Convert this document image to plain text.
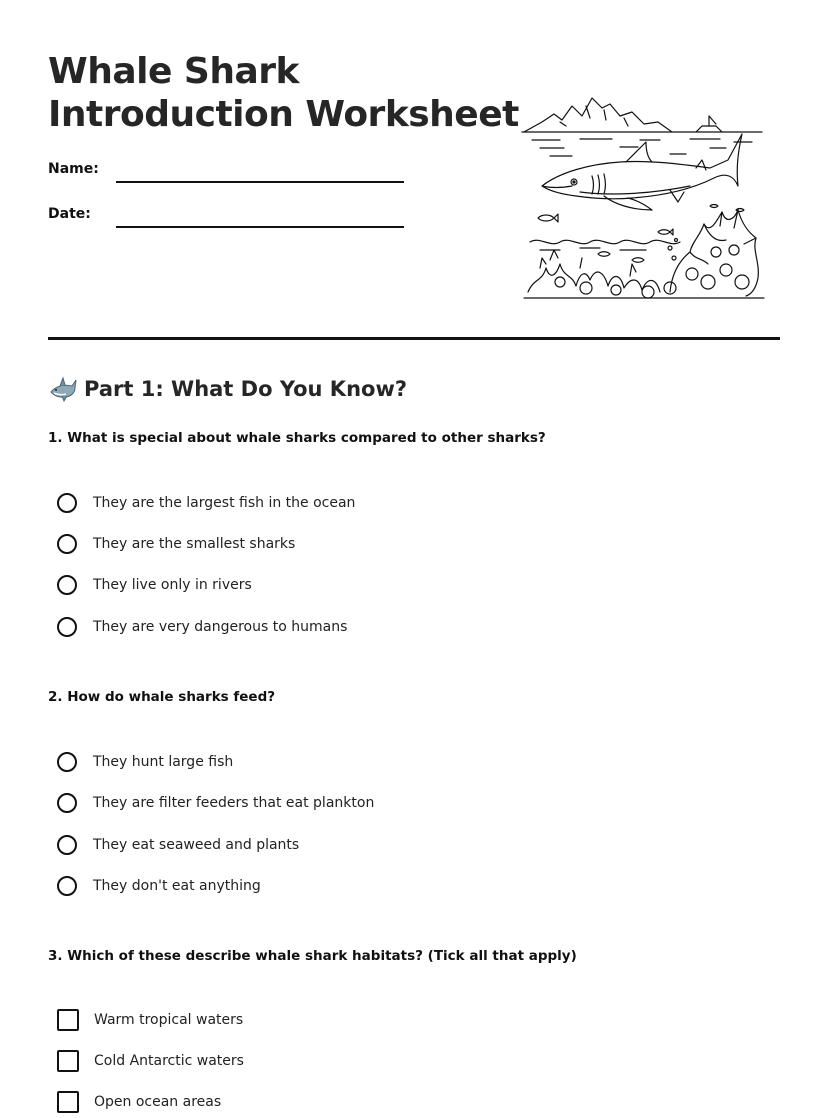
Whale Shark
Introduction Worksheet
Name:
Date:
Part 1: What Do You Know?
1. What is special about whale sharks compared to other sharks?
They are the largest fish in the ocean
They are the smallest sharks
They live only in rivers
They are very dangerous to humans
2. How do whale sharks feed?
They hunt large fish
They are filter feeders that eat plankton
They eat seaweed and plants
They don't eat anything
3. Which of these describe whale shark habitats? (Tick all that apply)
Warm tropical waters
Cold Antarctic waters
Open ocean areas
